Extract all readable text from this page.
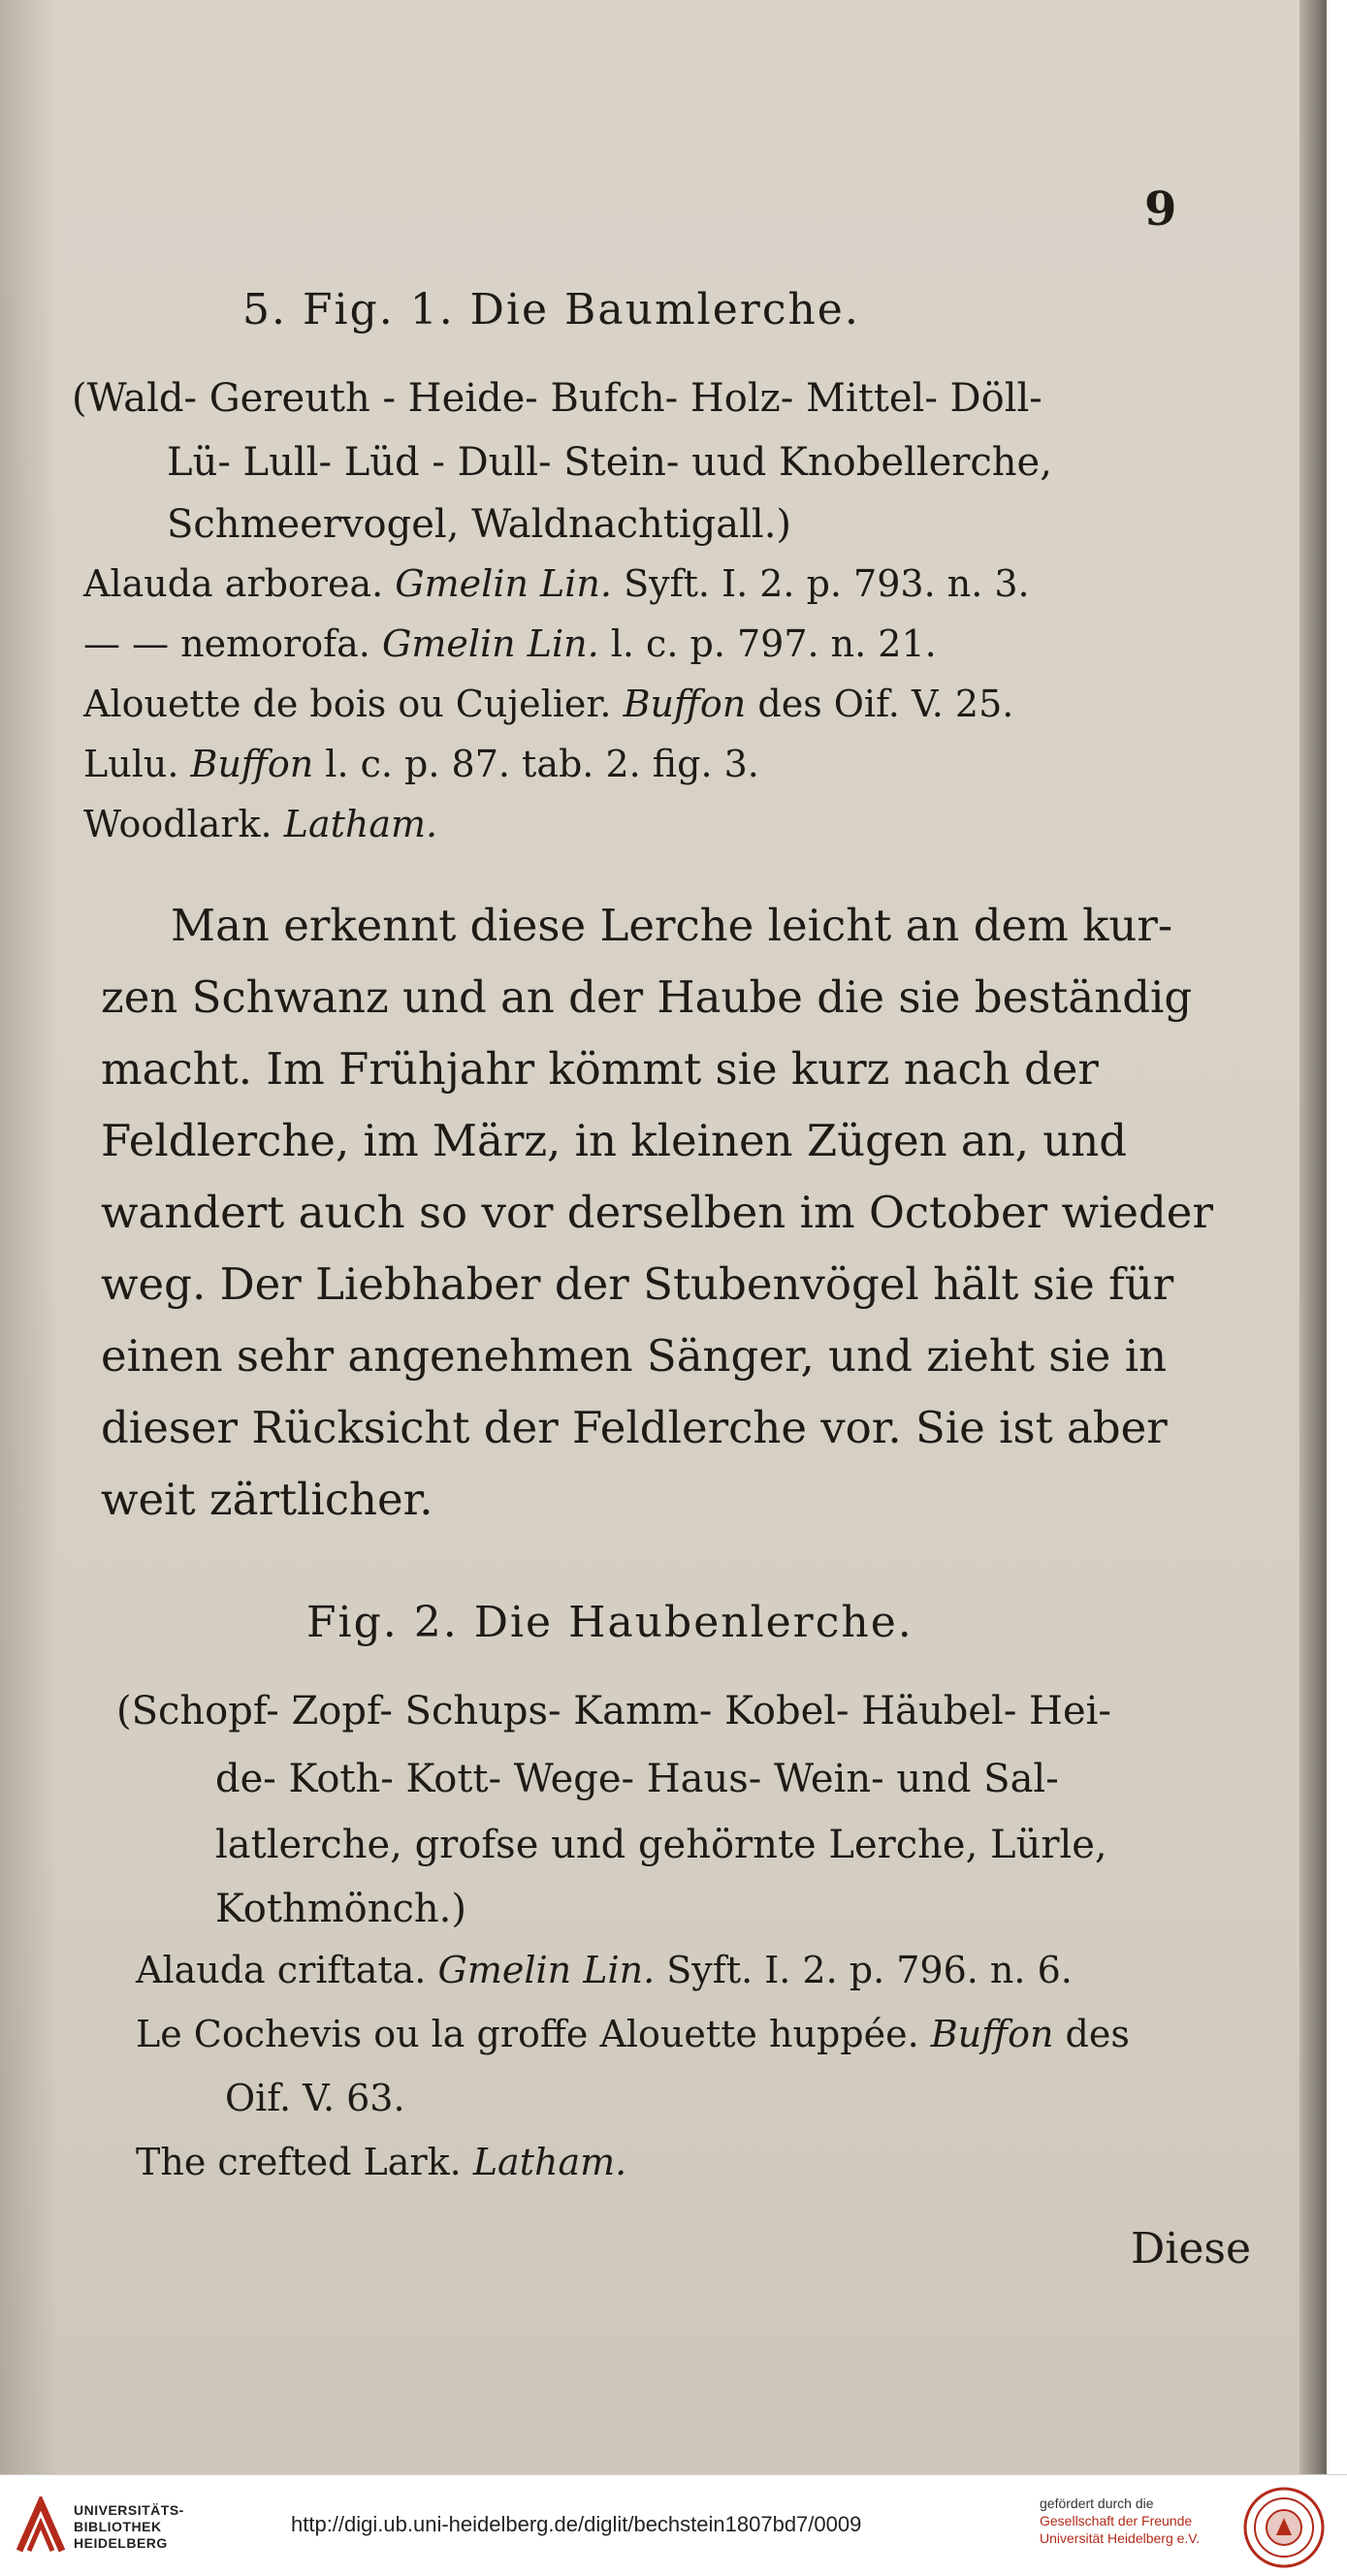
9
5. Fig. 1. Die Baumlerche.
(Wald- Gereuth - Heide- Bufch- Holz- Mittel- Döll-
Lü- Lull- Lüd - Dull- Stein- uud Knobellerche,
Schmeervogel, Waldnachtigall.)
Alauda arborea. Gmelin Lin. Syft. I. 2. p. 793. n. 3.
— — nemorofa. Gmelin Lin. l. c. p. 797. n. 21.
Alouette de bois ou Cujelier. Buffon des Oif. V. 25.
Lulu. Buffon l. c. p. 87. tab. 2. fig. 3.
Woodlark. Latham.
Man erkennt diese Lerche leicht an dem kur-
zen Schwanz und an der Haube die sie beständig
macht. Im Frühjahr kömmt sie kurz nach der
Feldlerche, im März, in kleinen Zügen an, und
wandert auch so vor derselben im October wieder
weg. Der Liebhaber der Stubenvögel hält sie für
einen sehr angenehmen Sänger, und zieht sie in
dieser Rücksicht der Feldlerche vor. Sie ist aber
weit zärtlicher.
Fig. 2. Die Haubenlerche.
(Schopf- Zopf- Schups- Kamm- Kobel- Häubel- Hei-
de- Koth- Kott- Wege- Haus- Wein- und Sal-
latlerche, grofse und gehörnte Lerche, Lürle,
Kothmönch.)
Alauda criftata. Gmelin Lin. Syft. I. 2. p. 796. n. 6.
Le Cochevis ou la groffe Alouette huppée. Buffon des
Oif. V. 63.
The crefted Lark. Latham.
Diese
UNIVERSITÄTS-
BIBLIOTHEK
HEIDELBERG
http://digi.ub.uni-heidelberg.de/diglit/bechstein1807bd7/0009
gefördert durch die
Gesellschaft der Freunde
Universität Heidelberg e.V.
